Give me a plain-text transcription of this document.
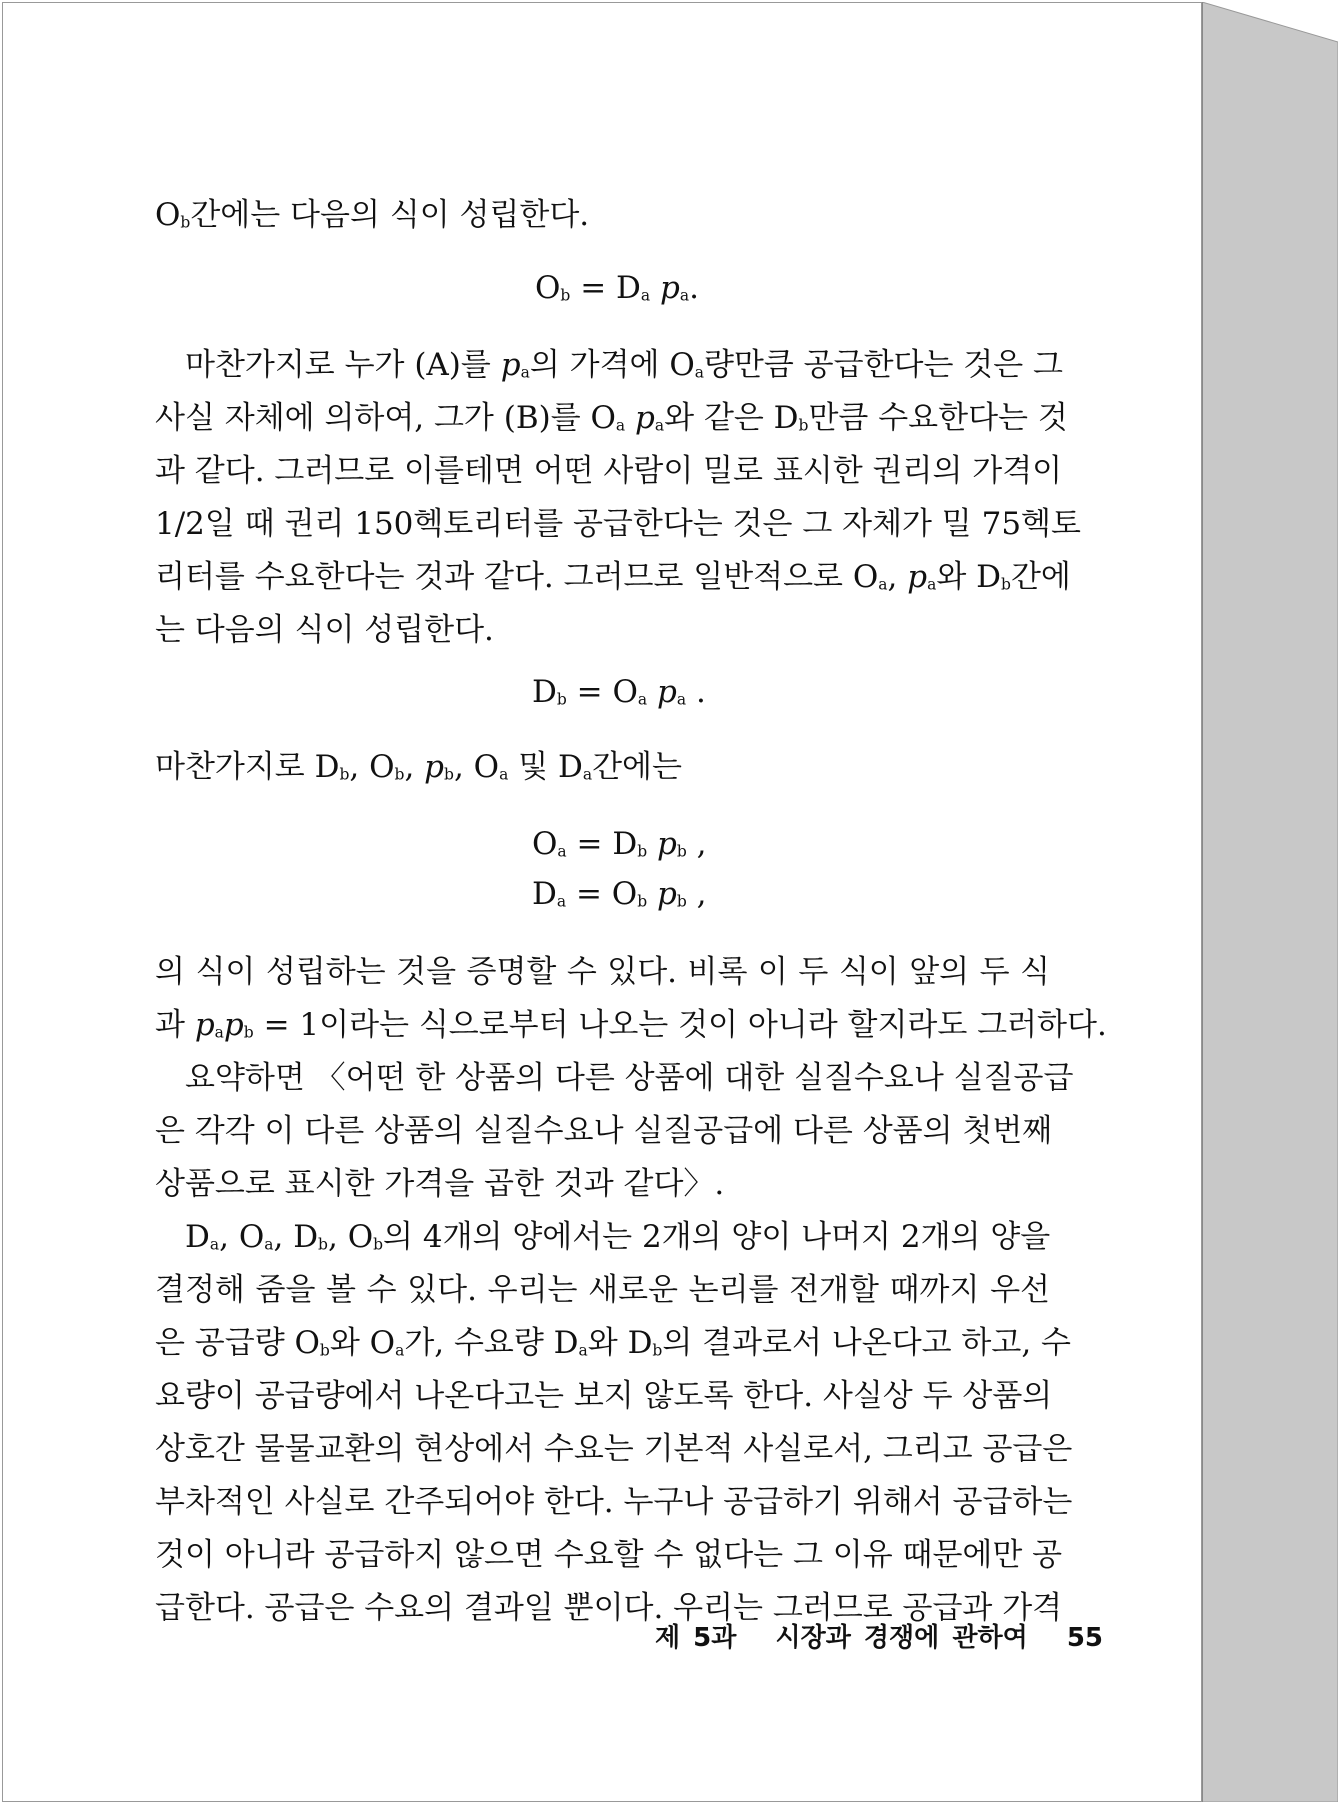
$O_b$간에는 다음의 식이 성립한다.
$O_b = D_a$ $p_a$.
마찬가지로 누가 (A)를 $p_a$의 가격에 $O_a$량만큼 공급한다는 것은 그
사실 자체에 의하여, 그가 (B)를 $O_a$ $p_a$와 같은 $D_b$만큼 수요한다는 것
과 같다. 그러므로 이를테면 어떤 사람이 밀로 표시한 권리의 가격이
1/2일 때 권리 150헥토리터를 공급한다는 것은 그 자체가 밀 75헥토
리터를 수요한다는 것과 같다. 그러므로 일반적으로 $O_a$, $p_a$와 $D_b$간에
는 다음의 식이 성립한다.
$D_b = O_a$ $p_a$ .
마찬가지로 $D_b$, $O_b$, $p_b$, $O_a$ 및 $D_a$간에는
$O_a = D_b$ $p_b$ ,
$D_a = O_b$ $p_b$ ,
의 식이 성립하는 것을 증명할 수 있다. 비록 이 두 식이 앞의 두 식
과 $p_ap_b = 1$이라는 식으로부터 나오는 것이 아니라 할지라도 그러하다.
요약하면 〈어떤 한 상품의 다른 상품에 대한 실질수요나 실질공급
은 각각 이 다른 상품의 실질수요나 실질공급에 다른 상품의 첫번째
상품으로 표시한 가격을 곱한 것과 같다〉.
$D_a$, $O_a$, $D_b$, $O_b$의 4개의 양에서는 2개의 양이 나머지 2개의 양을
결정해 줌을 볼 수 있다. 우리는 새로운 논리를 전개할 때까지 우선
은 공급량 $O_b$와 $O_a$가, 수요량 $D_a$와 $D_b$의 결과로서 나온다고 하고, 수
요량이 공급량에서 나온다고는 보지 않도록 한다. 사실상 두 상품의
상호간 물물교환의 현상에서 수요는 기본적 사실로서, 그리고 공급은
부차적인 사실로 간주되어야 한다. 누구나 공급하기 위해서 공급하는
것이 아니라 공급하지 않으면 수요할 수 없다는 그 이유 때문에만 공
급한다. 공급은 수요의 결과일 뿐이다. 우리는 그러므로 공급과 가격
제 5과 시장과 경쟁에 관하여 55
